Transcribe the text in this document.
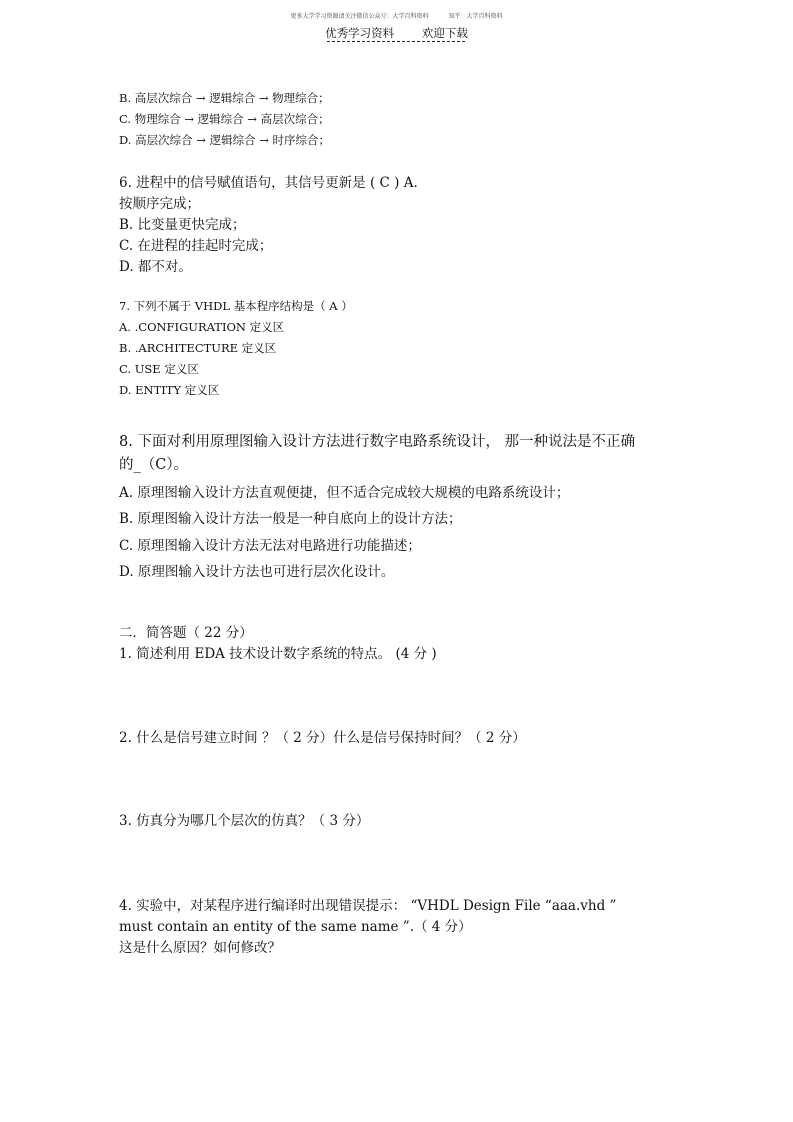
更多大学学习资源请关注微信公众号：大学百科资料	知乎：大学百科资料
优秀学习资料 欢迎下载
B. 高层次综合 → 逻辑综合 → 物理综合；
C. 物理综合 → 逻辑综合 → 高层次综合；
D. 高层次综合 → 逻辑综合 → 时序综合；
6. 进程中的信号赋值语句，其信号更新是 ( C ) A.
按顺序完成；
B. 比变量更快完成；
C. 在进程的挂起时完成；
D. 都不对。
7. 下列不属于 VHDL 基本程序结构是（ A ）
A. .CONFIGURATION 定义区
B. .ARCHITECTURE 定义区
C. USE 定义区
D. ENTITY 定义区
8. 下面对利用原理图输入设计方法进行数字电路系统设计， 那一种说法是不正确
的_（C）。
A. 原理图输入设计方法直观便捷，但不适合完成较大规模的电路系统设计；
B. 原理图输入设计方法一般是一种自底向上的设计方法；
C. 原理图输入设计方法无法对电路进行功能描述；
D. 原理图输入设计方法也可进行层次化设计。
二．简答题（ 22 分）
1. 简述利用 EDA 技术设计数字系统的特点。 (4 分 )
2. 什么是信号建立时间 ？（ 2 分）什么是信号保持时间？（ 2 分）
3. 仿真分为哪几个层次的仿真？（ 3 分）
4. 实验中，对某程序进行编译时出现错误提示： “VHDL Design File “aaa.vhd ”
must contain an entity of the same name ”.（ 4 分）
这是什么原因？如何修改？
